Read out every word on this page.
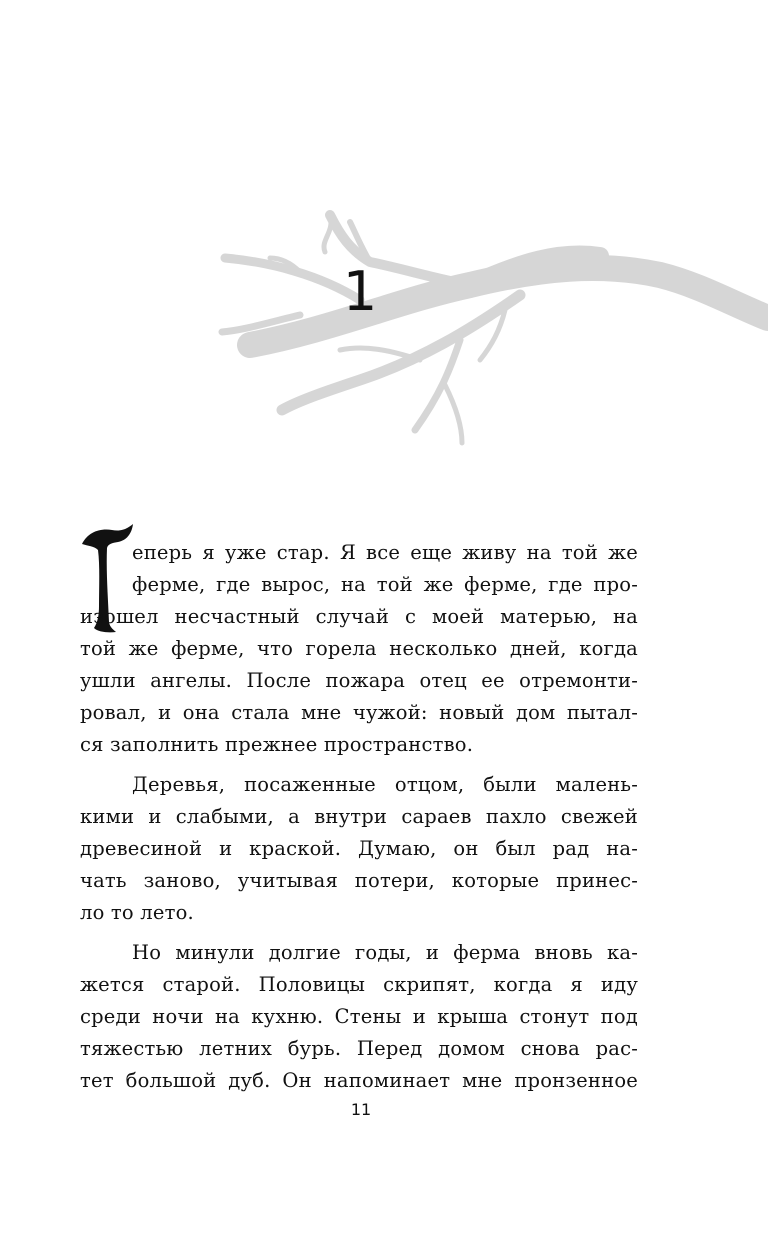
1
еперь я уже стар. Я все еще живу на той же
ферме, где вырос, на той же ферме, где про-
изошел несчастный случай с моей матерью, на
той же ферме, что горела несколько дней, когда
ушли ангелы. После пожара отец ее отремонти-
ровал, и она стала мне чужой: новый дом пытал-
ся заполнить прежнее пространство.
Деревья, посаженные отцом, были малень-
кими и слабыми, а внутри сараев пахло свежей
древесиной и краской. Думаю, он был рад на-
чать заново, учитывая потери, которые принес-
ло то лето.
Но минули долгие годы, и ферма вновь ка-
жется старой. Половицы скрипят, когда я иду
среди ночи на кухню. Стены и крыша стонут под
тяжестью летних бурь. Перед домом снова рас-
тет большой дуб. Он напоминает мне пронзенное
11
